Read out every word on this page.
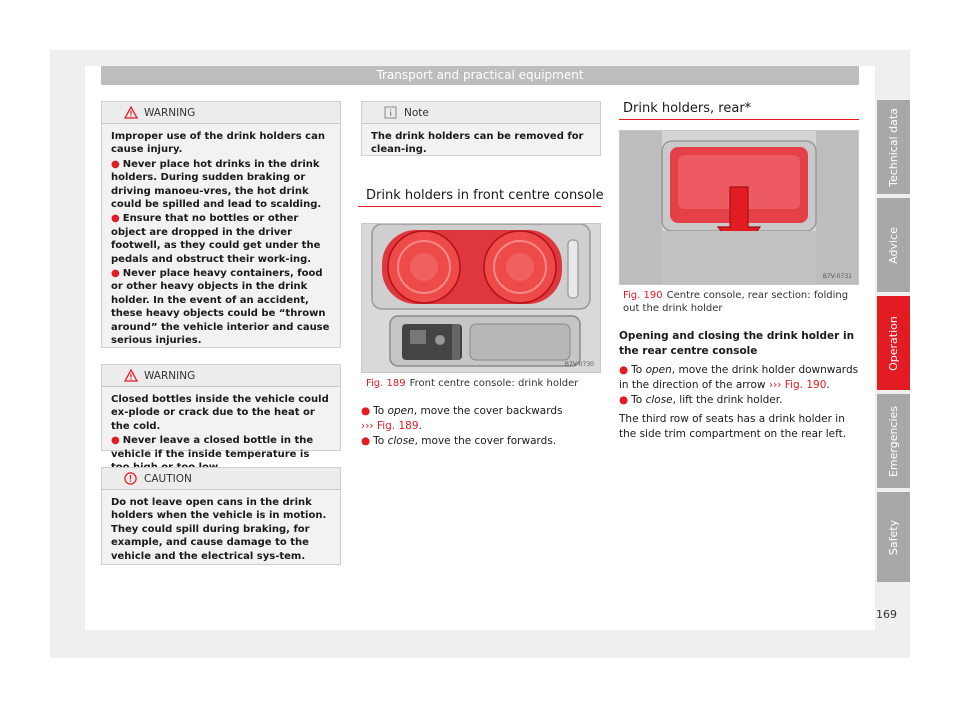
Transport and practical equipment
Technical data
Advice
Operation
Emergencies
Safety
WARNING

Improper use of the drink holders can cause injury.

● Never place hot drinks in the drink holders. During sudden braking or driving manoeu-vres, the hot drink could be spilled and lead to scalding.

● Ensure that no bottles or other object are dropped in the driver footwell, as they could get under the pedals and obstruct their work-ing.

● Never place heavy containers, food or other heavy objects in the drink holder. In the event of an accident, these heavy objects could be “thrown around” the vehicle interior and cause serious injuries.

WARNING

Closed bottles inside the vehicle could ex-plode or crack due to the heat or the cold.

● Never leave a closed bottle in the vehicle if the inside temperature is

CAUTION

Do not leave open cans in the drink holders when the vehicle is in motion. They could spill during braking, for example, and cause damage to the vehicle and the electrical sys-tem.

Note

The drink holders can be removed for clean-ing.

Drink holders in front centre console
B7V-0730
Fig. 189 Front centre console: drink holder
● To open, move the cover backwards
››› Fig. 189.
● To close, move the cover forwards.
Drink holders, rear*
B7V-0731
Fig. 190 Centre console, rear section: folding out the drink holder
Opening and closing the drink holder in the rear centre console
● To open, move the drink holder downwards in the direction of the arrow ››› Fig. 190.
● To close, lift the drink holder.
The third row of seats has a drink holder in the side trim compartment on the rear left.
169
